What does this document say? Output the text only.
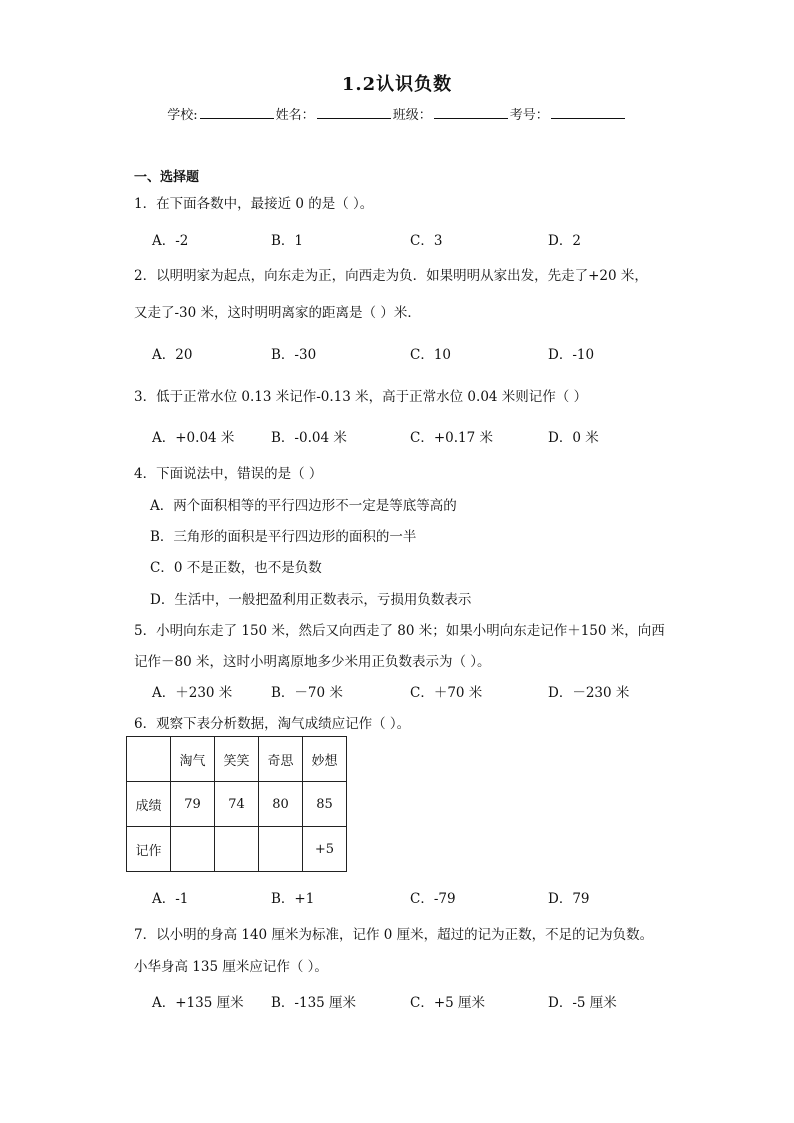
1.2认识负数
学校:	姓名：	班级：	考号：
一、选择题
1．在下面各数中，最接近 0 的是（ ）。
A．-2	B．1	C．3	D．2
2．以明明家为起点，向东走为正，向西走为负．如果明明从家出发，先走了+20 米，
又走了-30 米，这时明明离家的距离是（ ）米．
A．20	B．-30	C．10	D．-10
3．低于正常水位 0.13 米记作-0.13 米，高于正常水位 0.04 米则记作（ ）
A．+0.04 米	B．-0.04 米	C．+0.17 米	D．0 米
4．下面说法中，错误的是（ ）
A．两个面积相等的平行四边形不一定是等底等高的
B．三角形的面积是平行四边形的面积的一半
C．0 不是正数，也不是负数
D．生活中，一般把盈利用正数表示，亏损用负数表示
5．小明向东走了 150 米，然后又向西走了 80 米；如果小明向东走记作＋150 米，向西
记作－80 米，这时小明离原地多少米用正负数表示为（ ）。
A．＋230 米	B．－70 米	C．＋70 米	D．－230 米
6．观察下表分析数据，淘气成绩应记作（ ）。
	淘气	笑笑	奇思	妙想
成绩	79	74	80	85
记作				+5
A．-1	B．+1	C．-79	D．79
7．以小明的身高 140 厘米为标准，记作 0 厘米，超过的记为正数，不足的记为负数。
小华身高 135 厘米应记作（ ）。
A．+135 厘米 B．-135 厘米	C．+5 厘米	D．-5 厘米
